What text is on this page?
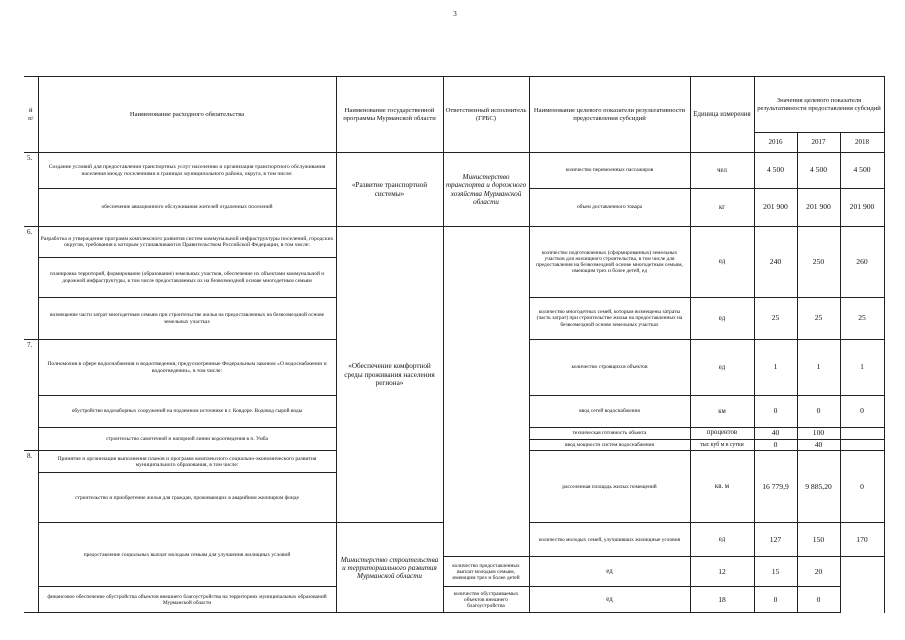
3
й п/	Наименование расходного обязательства	Наименование государственной программы Мурманской области	Ответственный исполнитель (ГРБС)	Наименование целевого показатели результативности предоставления субсидий	Единица измерения	Значения целевого показателя результативности предоставления субсидий			
						2016	2017	2018	
5.	Создание условий для предоставления транспортных услуг населению и организация транспортного обслуживания населения между поселениями в границах муниципального района, округа, в том числе:	«Развитие транспортной системы»	Министерство транспорта и дорожного хозяйства Мурманской области	количество перевезенных пассажиров	чел	4 500	4 500	4 500	
	обеспечение авиационного обслуживания жителей отдаленных поселений			объем доставленного товара	кг	201 900	201 900	201 900	
6.	Разработка и утверждение программ комплексного развития систем коммунальной инфраструктуры поселений, городских округов, требования к которым устанавливаются Правительством Российской Федерации, в том числе:	«Обеспечение комфортной среды проживания населения региона»		количество подготовленных (сформированных) земельных участков для жилищного строительства, в том числе для предоставления на безвозмездной основе многодетным семьям, имеющим трех и более детей, ед	ед	240	250	260	
	планировка территорий, формирование (образование) земельных участков, обеспечение их объектами коммунальной и дорожной инфраструктуры, в том числе предоставляемых их на безвозмездной основе многодетным семьям								
	возмещение части затрат многодетным семьям при строительстве жилья на предоставленных на безвозмездной основе земельных участках			количество многодетных семей, которым возмещены затраты (часть затрат) при строительстве жилья на предоставленных на безвозмездной основе земельных участках	ед	25	25	25	
7.	Полномочия в сфере водоснабжения и водоотведения, предусмотренные Федеральным законом «О водоснабжении и водоотведении», в том числе:			количество строящихся объектов	ед	1	1	1	
	обустройство водозаборных сооружений на подземном источнике в г. Ковдоре. Водовод сырой воды			ввод сетей водоснабжения	км	0	0	0	
	строительство самотечной и напорной линии водоотведения в п. Умба			техническая готовность объекта	процентов	40	100		
				ввод мощности систем водоснабжения	тыс куб м в сутки	0	40		
8.	Принятие и организация выполнения планов и программ комплексного социально-экономического развития муниципального образования, в том числе:			расселенная площадь жилых помещений	кв. м	16 779,9	9 885,20	0	
	строительство и приобретение жилья для граждан, проживающих в аварийном жилищном фонде	
	предоставление социальных выплат молодым семьям для улучшения жилищных условий	Министерство строительства и территориального развития Мурманской области		количество молодых семей, улучшивших жилищные условия	ед	127	150	170	
			количество предоставленных выплат молодым семьям, имеющим трех и более детей	ед	12	15	20		
	финансовое обеспечение обустройства объектов внешнего благоустройства на территориях муниципальных образований Мурманской области		количество обустраиваемых объектов внешнего благоустройства	ед	18	0	0		
